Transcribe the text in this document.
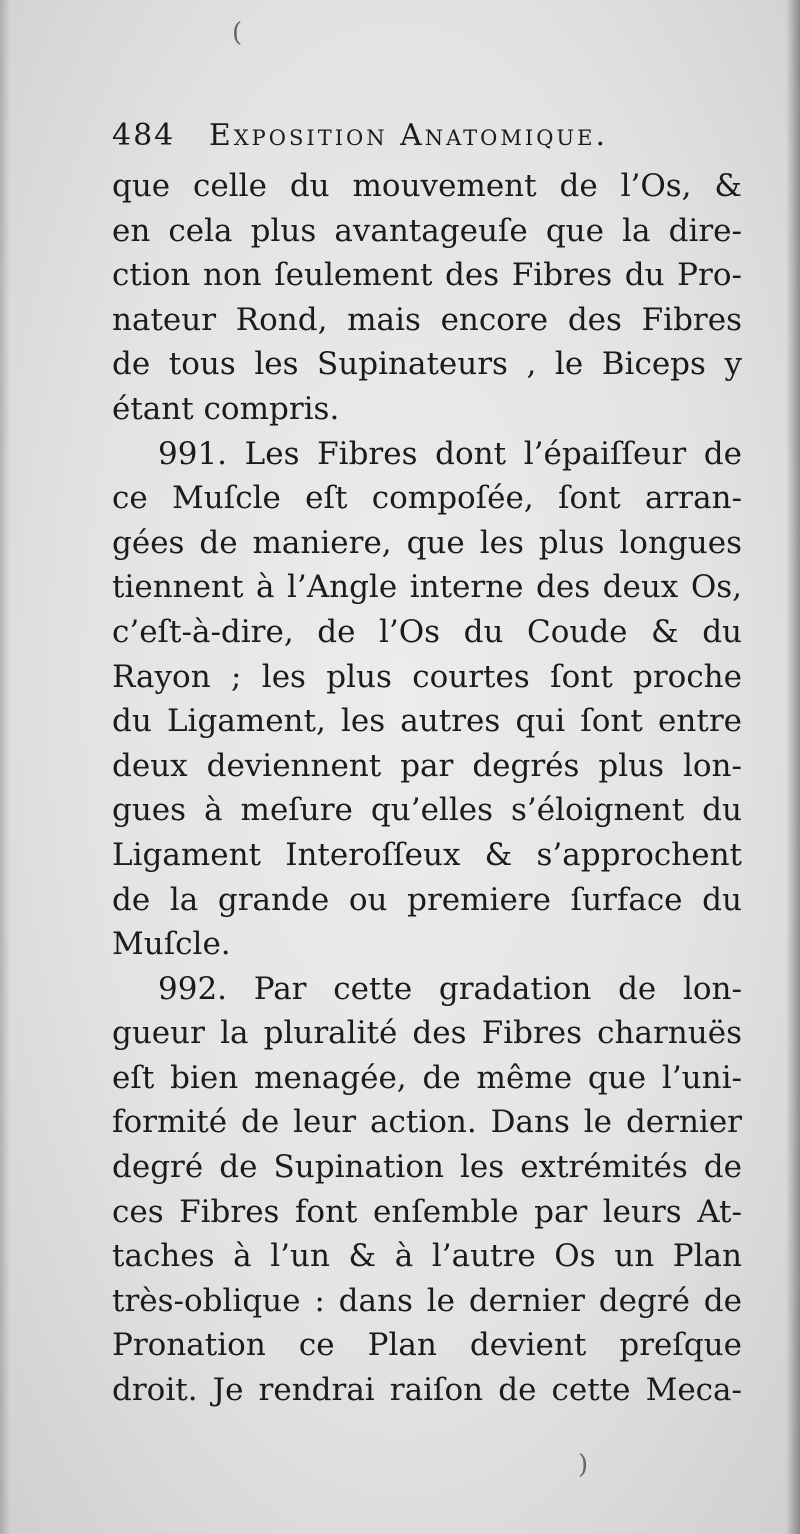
(
)
484 Exposition Anatomique.
que celle du mouvement de l’Os, &
en cela plus avantageuſe que la dire-
ction non ſeulement des Fibres du Pro-
nateur Rond, mais encore des Fibres
de tous les Supinateurs , le Biceps y
étant compris.
991. Les Fibres dont l’épaiſſeur de
ce Muſcle eſt compoſée, ſont arran-
gées de maniere, que les plus longues
tiennent à l’Angle interne des deux Os,
c’eſt-à-dire, de l’Os du Coude & du
Rayon ; les plus courtes ſont proche
du Ligament, les autres qui ſont entre
deux deviennent par degrés plus lon-
gues à meſure qu’elles s’éloignent du
Ligament Interoſſeux & s’approchent
de la grande ou premiere ſurface du
Muſcle.
992. Par cette gradation de lon-
gueur la pluralité des Fibres charnuës
eſt bien menagée, de même que l’uni-
formité de leur action. Dans le dernier
degré de Supination les extrémités de
ces Fibres font enſemble par leurs At-
taches à l’un & à l’autre Os un Plan
très-oblique : dans le dernier degré de
Pronation ce Plan devient preſque
droit. Je rendrai raiſon de cette Meca-
